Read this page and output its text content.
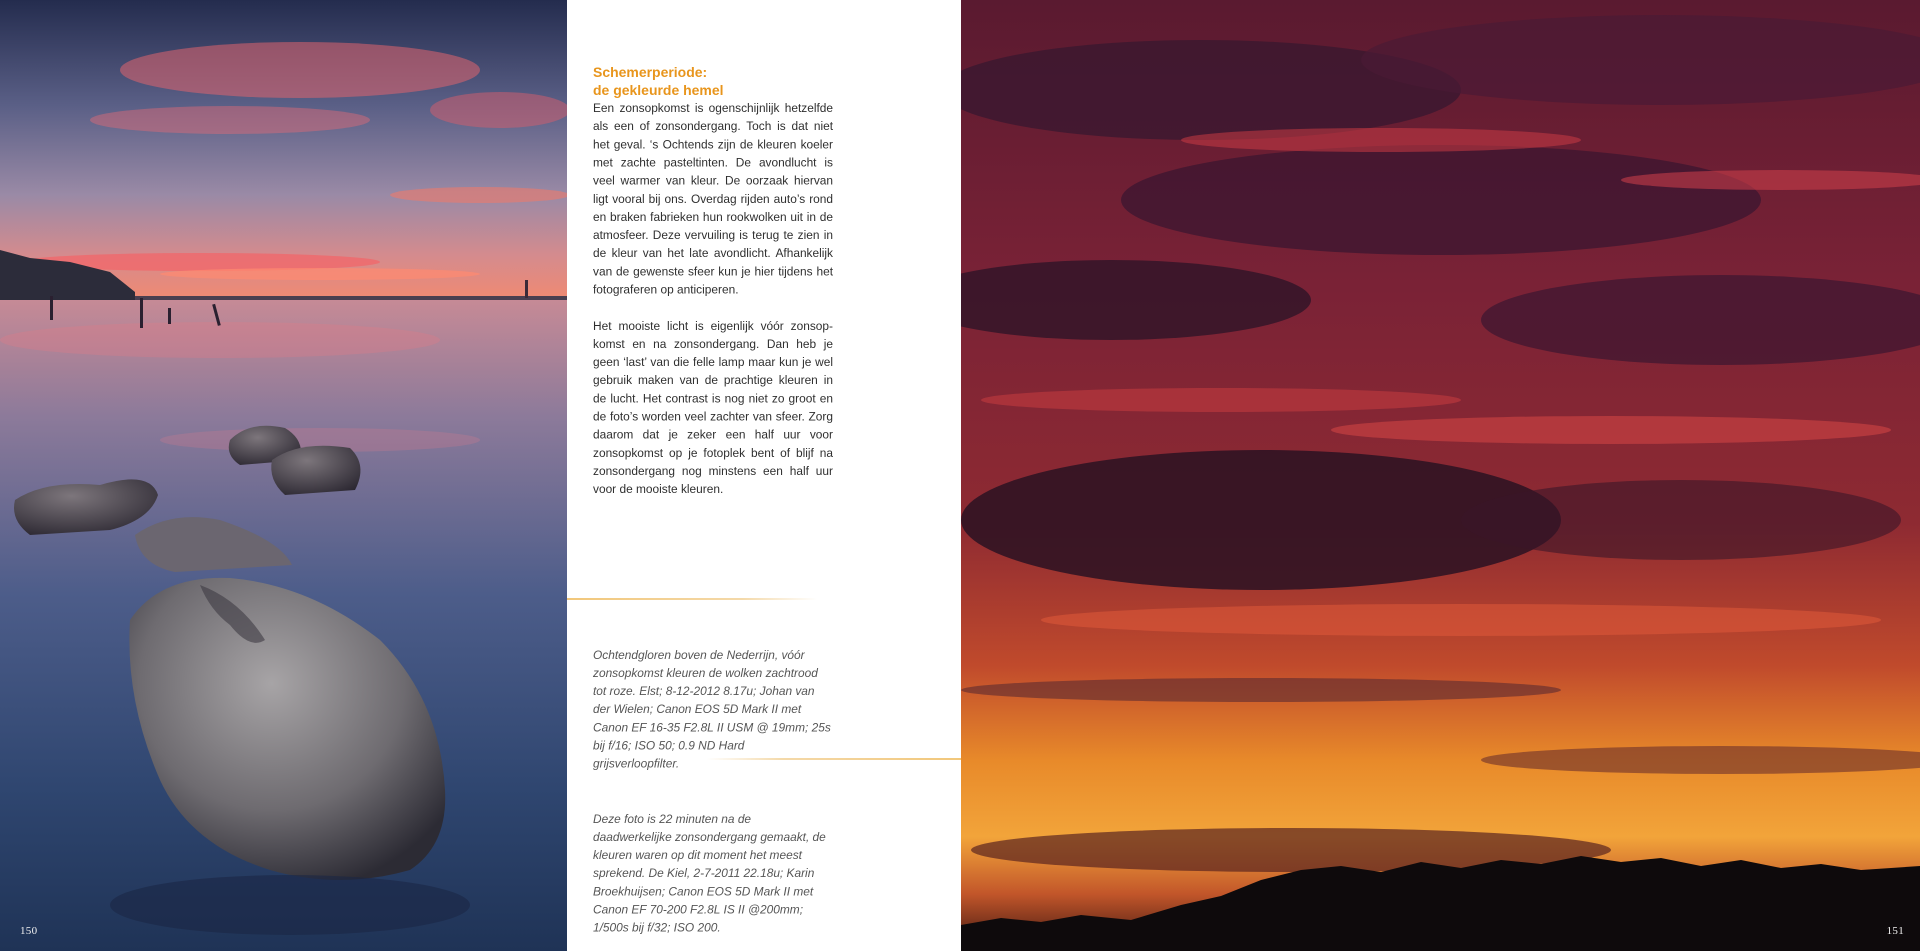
150
Schemerperiode:
de gekleurde hemel

Een zonsopkomst is ogenschijnlijk hetzelfde als een of zonsondergang. Toch is dat niet het geval. ‘s Ochtends zijn de kleuren koeler met zachte pasteltinten. De avondlucht is veel warmer van kleur. De oorzaak hiervan ligt vooral bij ons. Overdag rijden auto’s rond en braken fabrieken hun rookwolken uit in de atmosfeer. Deze vervuiling is terug te zien in de kleur van het late avondlicht. Afhankelijk van de gewenste sfeer kun je hier tijdens het fotograferen op anticiperen.

Het mooiste licht is eigenlijk vóór zonsopkomst en na zonsondergang. Dan heb je geen ‘last’ van die felle lamp maar kun je wel gebruik maken van de prachtige kleuren in de lucht. Het contrast is nog niet zo groot en de foto’s worden veel zachter van sfeer. Zorg daarom dat je zeker een half uur voor zonsopkomst op je fotoplek bent of blijf na zonsondergang nog minstens een half uur voor de mooiste kleuren.

Ochtendgloren boven de Nederrijn, vóór zonsopkomst kleuren de wolken zachtrood tot roze. Elst; 8-12-2012 8.17u; Johan van der Wielen; Canon EOS 5D Mark II met Canon EF 16-35 F2.8L II USM @ 19mm; 25s bij f/16; ISO 50; 0.9 ND Hard grijsverloopfilter.

Deze foto is 22 minuten na de daadwerkelijke zonsondergang gemaakt, de kleuren waren op dit moment het meest sprekend. De Kiel, 2-7-2011 22.18u; Karin Broekhuijsen; Canon EOS 5D Mark II met Canon EF 70-200 F2.8L IS II @200mm; 1/500s bij f/32; ISO 200.	151
